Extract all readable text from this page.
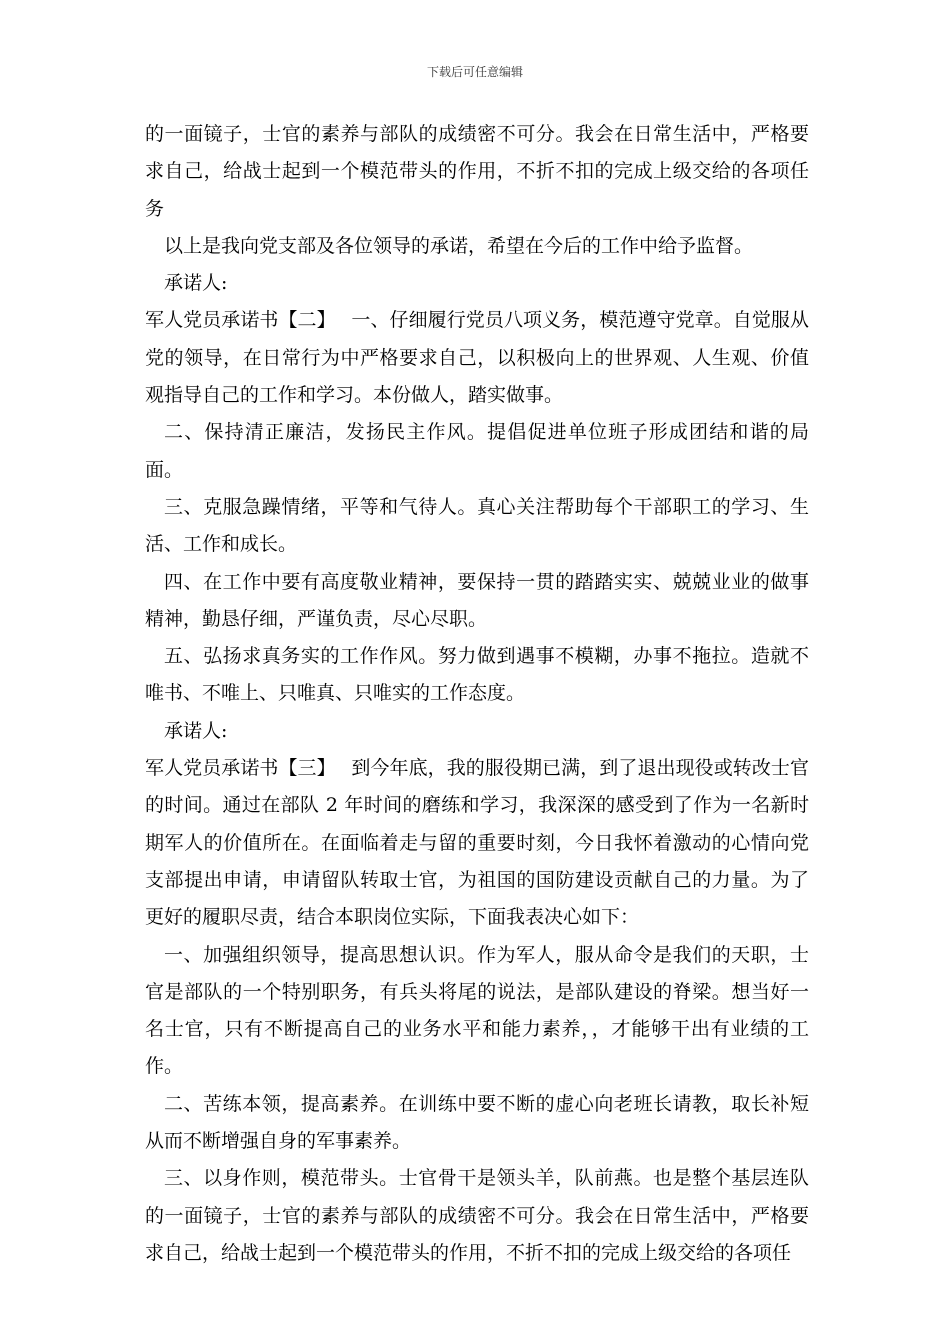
下载后可任意编辑

的一面镜子，士官的素养与部队的成绩密不可分。我会在日常生活中，严格要求自己，给战士起到一个模范带头的作用，不折不扣的完成上级交给的各项任务

以上是我向党支部及各位领导的承诺，希望在今后的工作中给予监督。

承诺人:

军人党员承诺书【二】　 一、仔细履行党员八项义务，模范遵守党章。自觉服从党的领导，在日常行为中严格要求自己，以积极向上的世界观、人生观、价值观指导自己的工作和学习。本份做人，踏实做事。

二、保持清正廉洁，发扬民主作风。提倡促进单位班子形成团结和谐的局面。

三、克服急躁情绪，平等和气待人。真心关注帮助每个干部职工的学习、生活、工作和成长。

四、在工作中要有高度敬业精神，要保持一贯的踏踏实实、兢兢业业的做事精神，勤恳仔细，严谨负责，尽心尽职。

五、弘扬求真务实的工作作风。努力做到遇事不模糊，办事不拖拉。造就不唯书、不唯上、只唯真、只唯实的工作态度。

承诺人:

军人党员承诺书【三】　 到今年底，我的服役期已满，到了退出现役或转改士官的时间。通过在部队 2 年时间的磨练和学习，我深深的感受到了作为一名新时期军人的价值所在。在面临着走与留的重要时刻，今日我怀着激动的心情向党支部提出申请，申请留队转取士官，为祖国的国防建设贡献自己的力量。为了更好的履职尽责，结合本职岗位实际，下面我表决心如下：

一、加强组织领导，提高思想认识。作为军人，服从命令是我们的天职，士官是部队的一个特别职务，有兵头将尾的说法，是部队建设的脊梁。想当好一名士官，只有不断提高自己的业务水平和能力素养，，才能够干出有业绩的工作。

二、苦练本领，提高素养。在训练中要不断的虚心向老班长请教，取长补短从而不断增强自身的军事素养。

三、以身作则，模范带头。士官骨干是领头羊，队前燕。也是整个基层连队的一面镜子，士官的素养与部队的成绩密不可分。我会在日常生活中，严格要求自己，给战士起到一个模范带头的作用，不折不扣的完成上级交给的各项任
